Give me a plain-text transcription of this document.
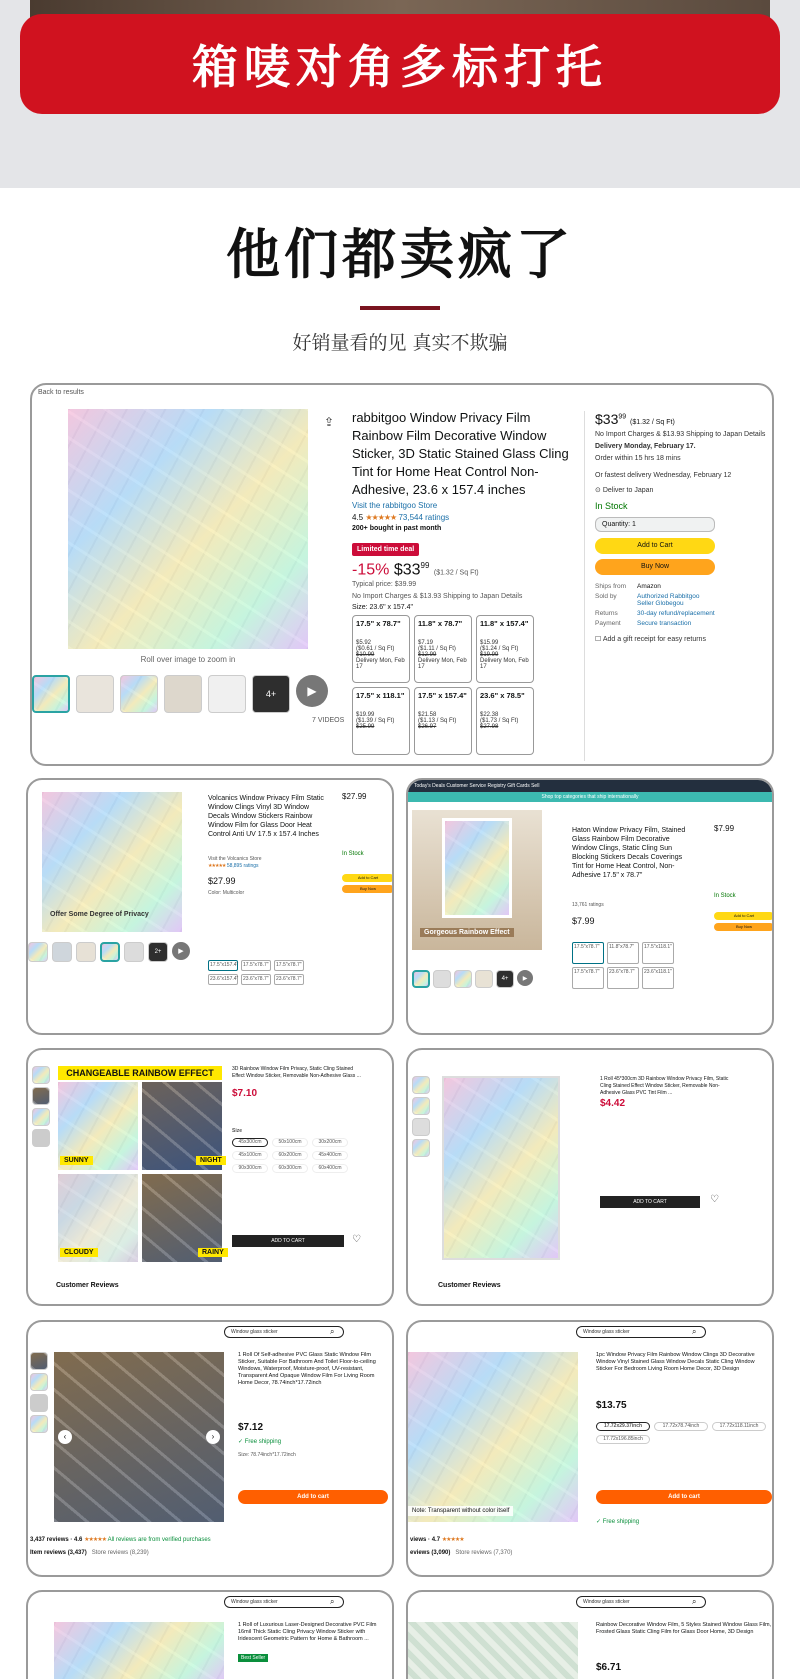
箱唛对角多标打托
他们都卖疯了
好销量看的见 真实不欺骗
Back to results
⇪
Roll over image to zoom in
4+	▶
7 VIDEOS
rabbitgoo Window Privacy Film Rainbow Film Decorative Window Sticker, 3D Static Stained Glass Cling Tint for Home Heat Control Non-Adhesive, 23.6 x 157.4 inches
Visit the rabbitgoo Store
4.5 ★★★★★ 73,544 ratings
200+ bought in past month
Limited time deal
-15% $\$33^{99}$ ($1.32 / Sq Ft)
Typical price: $39.99
No Import Charges & $13.93 Shipping to Japan Details
Size: 23.6" x 157.4"
17.5" x 78.7"
$5.92
($0.61 / Sq Ft)
$10.99
Delivery Mon, Feb 17
11.8" x 78.7"
$7.19
($1.11 / Sq Ft)
$12.99
Delivery Mon, Feb 17
11.8" x 157.4"
$15.99
($1.24 / Sq Ft)
$19.99
Delivery Mon, Feb 17
17.5" x 118.1"
$19.99
($1.39 / Sq Ft)
$25.99
17.5" x 157.4"
$21.58
($1.13 / Sq Ft)
$26.97
23.6" x 78.5"
$22.38
($1.73 / Sq Ft)
$27.98
$\$33^{99}$ ($1.32 / Sq Ft)
No Import Charges & $13.93 Shipping to Japan Details
Delivery Monday, February 17.
Order within 15 hrs 18 mins
Or fastest delivery Wednesday, February 12
⊙ Deliver to Japan
In Stock
Quantity: 1
Add to Cart
Buy Now
Ships from	Amazon
Sold by	Authorized Rabbitgoo Seller Globegou
Returns	30-day refund/replacement
Payment	Secure transaction
☐ Add a gift receipt for easy returns
Offer Some Degree of Privacy
2+	▶
Volcanics Window Privacy Film Static Window Clings Vinyl 3D Window Decals Window Stickers Rainbow Window Film for Glass Door Heat Control Anti UV 17.5 x 157.4 Inches
Visit the Volcanics Store
★★★★★ 58,895 ratings
$27.99
Color: Multicolor
17.5"x157.4" 17.5"x78.7"	17.5"x78.7"
23.6"x157.4" 23.6"x78.7"	23.6"x78.7"
$27.99
In Stock
Add to Cart
Buy Now
Today's Deals Customer Service Registry Gift Cards Sell
Shop top categories that ship internationally
Gorgeous Rainbow Effect
4+	▶
Haton Window Privacy Film, Stained Glass Rainbow Film Decorative Window Clings, Static Cling Sun Blocking Stickers Decals Coverings Tint for Home Heat Control, Non-Adhesive 17.5" x 78.7"
13,761 ratings
$7.99
17.5"x78.7"	11.8"x78.7"	17.5"x118.1"
17.5"x78.7"	23.6"x78.7"	23.6"x118.1"
$7.99
In Stock
Add to Cart
Buy Now
CHANGEABLE RAINBOW EFFECT
SUNNY	NIGHT
CLOUDY	RAINY
Customer Reviews
3D Rainbow Window Film Privacy, Static Cling Stained Effect Window Sticker, Removable Non-Adhesive Glass ...
$7.10
Size
45x300cm	50x100cm	30x200cm
45x100cm	60x200cm	45x400cm
90x300cm	60x300cm	60x400cm
ADD TO CART	♡
Customer Reviews
1 Roll 45*300cm 3D Rainbow Window Privacy Film, Static Cling Stained Effect Window Sticker, Removable Non-Adhesive Glass PVC Tint Film ...
$4.42
ADD TO CART	♡
Window glass sticker	⌕
‹	›
3,437 reviews · 4.6 ★★★★★ All reviews are from verified purchases
Item reviews (3,437) Store reviews (8,239)
1 Roll Of Self-adhesive PVC Glass Static Window Film Sticker, Suitable For Bathroom And Toilet Floor-to-ceiling Windows, Waterproof, Moisture-proof, UV-resistant, Transparent And Opaque Window Film For Living Room Home Decor, 78.74inch*17.72inch
$7.12
✓ Free shipping
Size: 78.74inch*17.72inch
Add to cart
Window glass sticker	⌕
Note: Transparent without color itself
views · 4.7 ★★★★★
eviews (3,090) Store reviews (7,370)
1pc Window Privacy Film Rainbow Window Clings 3D Decorative Window Vinyl Stained Glass Window Decals Static Cling Window Sticker For Bedroom Living Room Home Decor, 3D Design
$13.75
17.72x29.37inch	17.72x78.74inch	17.72x118.11inch
17.72x196.85inch
Add to cart
✓ Free shipping
Window glass sticker	⌕
1 Roll of Luxurious Laser-Designed Decorative PVC Film 16mil Thick Static Cling Privacy Window Sticker with Iridescent Geometric Pattern for Home & Bathroom ...
Best Seller
Window glass sticker	⌕
Rainbow Decorative Window Film, 5 Styles Stained Window Glass Film, Frosted Glass Static Cling Film for Glass Door Home, 3D Design
$6.71
